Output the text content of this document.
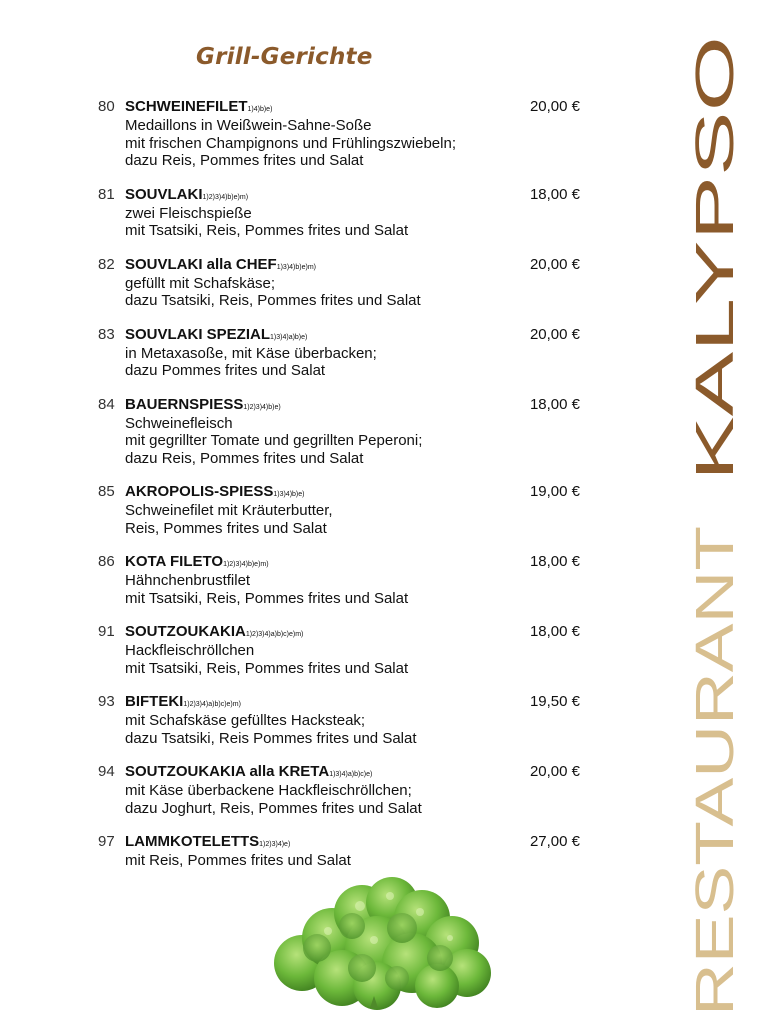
Grill-Gerichte
80 SCHWEINEFILET1)4)b)e)	20,00 €
Medaillons in Weißwein-Sahne-Soße
mit frischen Champignons und Frühlingszwiebeln;
dazu Reis, Pommes frites und Salat
81 SOUVLAKI1)2)3)4)b)e)m)	18,00 €
zwei Fleischspieße
mit Tsatsiki, Reis, Pommes frites und Salat
82 SOUVLAKI alla CHEF1)3)4)b)e)m)	20,00 €
gefüllt mit Schafskäse;
dazu Tsatsiki, Reis, Pommes frites und Salat
83 SOUVLAKI SPEZIAL1)3)4)a)b)e)	20,00 €
in Metaxasoße, mit Käse überbacken;
dazu Pommes frites und Salat
84 BAUERNSPIESS1)2)3)4)b)e)	18,00 €
Schweinefleisch
mit gegrillter Tomate und gegrillten Peperoni;
dazu Reis, Pommes frites und Salat
85 AKROPOLIS-SPIESS1)3)4)b)e)	19,00 €
Schweinefilet mit Kräuterbutter,
Reis, Pommes frites und Salat
86 KOTA FILETO1)2)3)4)b)e)m)	18,00 €
Hähnchenbrustfilet
mit Tsatsiki, Reis, Pommes frites und Salat
91 SOUTZOUKAKIA1)2)3)4)a)b)c)e)m)	18,00 €
Hackfleischröllchen
mit Tsatsiki, Reis, Pommes frites und Salat
93 BIFTEKI1)2)3)4)a)b)c)e)m)	19,50 €
mit Schafskäse gefülltes Hacksteak;
dazu Tsatsiki, Reis Pommes frites und Salat
94 SOUTZOUKAKIA alla KRETA1)3)4)a)b)c)e)	20,00 €
mit Käse überbackene Hackfleischröllchen;
dazu Joghurt, Reis, Pommes frites und Salat
97 LAMMKOTELETTS1)2)3)4)e)	27,00 €
mit Reis, Pommes frites und Salat
KALYPSO
RESTAURANT
